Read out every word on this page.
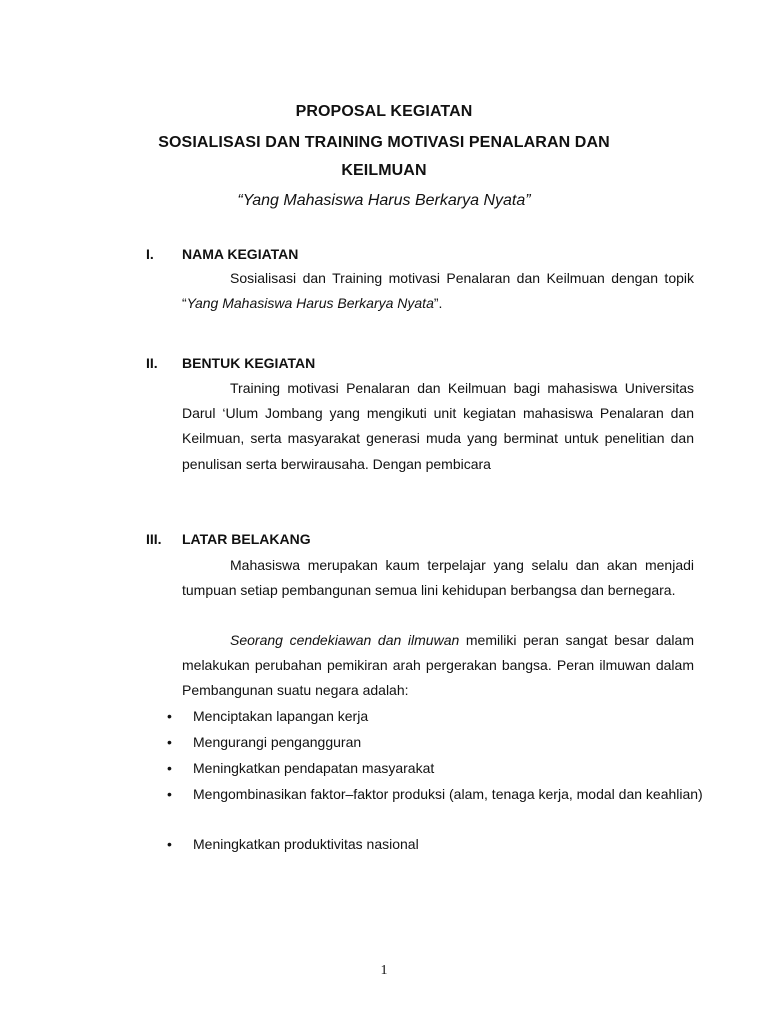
PROPOSAL KEGIATAN
SOSIALISASI DAN TRAINING MOTIVASI PENALARAN DAN
KEILMUAN
“Yang Mahasiswa Harus Berkarya Nyata”
I. NAMA KEGIATAN

Sosialisasi dan Training motivasi Penalaran dan Keilmuan dengan topik “Yang Mahasiswa Harus Berkarya Nyata”.

II. BENTUK KEGIATAN

Training motivasi Penalaran dan Keilmuan bagi mahasiswa Universitas Darul ‘Ulum Jombang yang mengikuti unit kegiatan mahasiswa Penalaran dan Keilmuan, serta masyarakat generasi muda yang berminat untuk penelitian dan penulisan serta berwirausaha. Dengan pembicara

III. LATAR BELAKANG

Mahasiswa merupakan kaum terpelajar yang selalu dan akan menjadi tumpuan setiap pembangunan semua lini kehidupan berbangsa dan bernegara.

Seorang cendekiawan dan ilmuwan memiliki peran sangat besar dalam melakukan perubahan pemikiran arah pergerakan bangsa. Peran ilmuwan dalam Pembangunan suatu negara adalah:

• Menciptakan lapangan kerja
• Mengurangi pengangguran
• Meningkatkan pendapatan masyarakat
• Mengombinasikan faktor–faktor produksi (alam, tenaga kerja, modal dan keahlian)
• Meningkatkan produktivitas nasional
1
